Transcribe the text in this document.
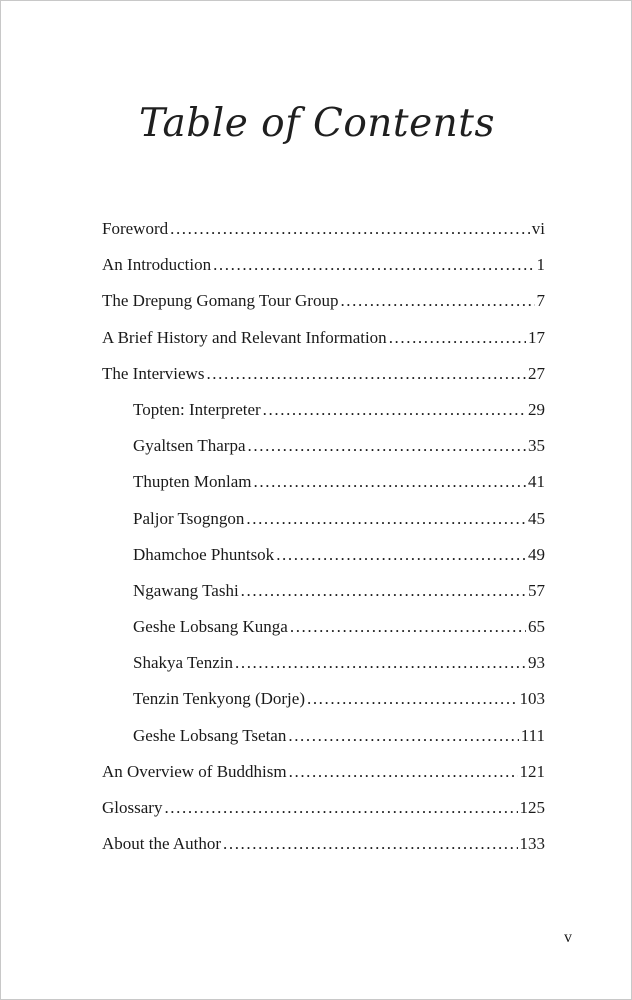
Table of Contents
Foreword .....	vi
An Introduction .....	1
The Drepung Gomang Tour Group .....	7
A Brief History and Relevant Information .....	17
The Interviews .....	27
Topten: Interpreter .....	29
Gyaltsen Tharpa .....	35
Thupten Monlam .....	41
Paljor Tsogngon .....	45
Dhamchoe Phuntsok .....	49
Ngawang Tashi .....	57
Geshe Lobsang Kunga .....	65
Shakya Tenzin .....	93
Tenzin Tenkyong (Dorje) .....	103
Geshe Lobsang Tsetan .....	111
An Overview of Buddhism .....	121
Glossary .....	125
About the Author .....	133
v
